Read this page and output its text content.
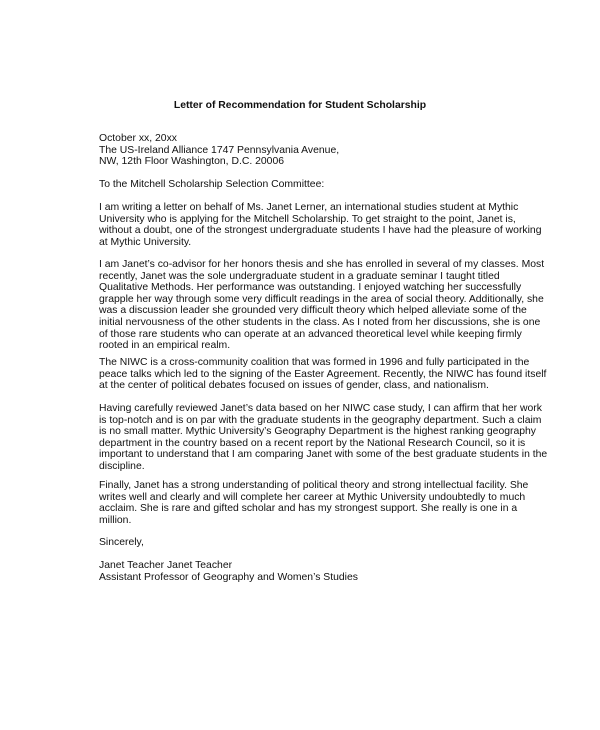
Letter of Recommendation for Student Scholarship

October xx, 20xx
The US-Ireland Alliance 1747 Pennsylvania Avenue,
NW, 12th Floor Washington, D.C. 20006
To the Mitchell Scholarship Selection Committee:
I am writing a letter on behalf of Ms. Janet Lerner, an international studies student at Mythic
University who is applying for the Mitchell Scholarship. To get straight to the point, Janet is,
without a doubt, one of the strongest undergraduate students I have had the pleasure of working
at Mythic University.
I am Janet’s co-advisor for her honors thesis and she has enrolled in several of my classes. Most
recently, Janet was the sole undergraduate student in a graduate seminar I taught titled
Qualitative Methods. Her performance was outstanding. I enjoyed watching her successfully
grapple her way through some very difficult readings in the area of social theory. Additionally, she
was a discussion leader she grounded very difficult theory which helped alleviate some of the
initial nervousness of the other students in the class. As I noted from her discussions, she is one
of those rare students who can operate at an advanced theoretical level while keeping firmly
rooted in an empirical realm.
The NIWC is a cross-community coalition that was formed in 1996 and fully participated in the
peace talks which led to the signing of the Easter Agreement. Recently, the NIWC has found itself
at the center of political debates focused on issues of gender, class, and nationalism.
Having carefully reviewed Janet’s data based on her NIWC case study, I can affirm that her work
is top-notch and is on par with the graduate students in the geography department. Such a claim
is no small matter. Mythic University’s Geography Department is the highest ranking geography
department in the country based on a recent report by the National Research Council, so it is
important to understand that I am comparing Janet with some of the best graduate students in the
discipline.
Finally, Janet has a strong understanding of political theory and strong intellectual facility. She
writes well and clearly and will complete her career at Mythic University undoubtedly to much
acclaim. She is rare and gifted scholar and has my strongest support. She really is one in a
million.
Sincerely,
Janet Teacher Janet Teacher
Assistant Professor of Geography and Women’s Studies
